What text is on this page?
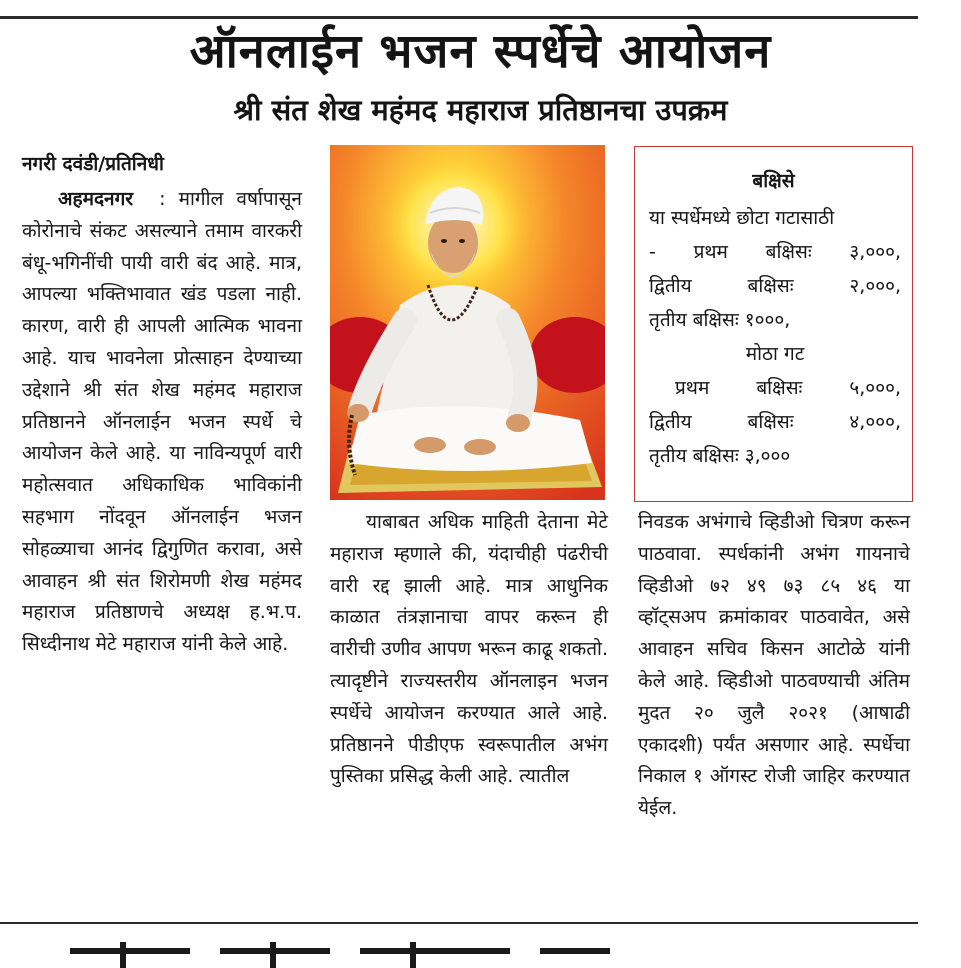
ऑनलाईन भजन स्पर्धेचे आयोजन
श्री संत शेख महंमद महाराज प्रतिष्ठानचा उपक्रम
नगरी दवंडी/प्रतिनिधी

अहमदनगर  : मागील वर्षापासून कोरोनाचे संकट असल्याने तमाम वारकरी बंधू-भगिनींची पायी वारी बंद आहे. मात्र, आपल्या भक्तिभावात खंड पडला नाही. कारण, वारी ही आपली आत्मिक भावना आहे. याच भावनेला प्रोत्साहन देण्याच्या उद्देशाने श्री संत शेख महंमद महाराज प्रतिष्ठानने ऑनलाईन भजन स्पर्धे चे आयोजन केले आहे. या नाविन्यपूर्ण वारी महोत्सवात अधिकाधिक भाविकांनी सहभाग नोंदवून ऑनलाईन भजन सोहळ्याचा आनंद द्विगुणित करावा, असे आवाहन श्री संत शिरोमणी शेख महंमद महाराज प्रतिष्ठाणचे अध्यक्ष ह.भ.प. सिध्दीनाथ मेटे महाराज यांनी केले आहे.

बक्षिसे
या स्पर्धेमध्ये छोटा गटासाठी
- प्रथम बक्षिसः ३,०००,
द्वितीय बक्षिसः २,०००,
तृतीय बक्षिसः १०००,
मोठा गट
प्रथम बक्षिसः ५,०००,
द्वितीय बक्षिसः ४,०००,
तृतीय बक्षिसः ३,०००

याबाबत अधिक माहिती देताना मेटे महाराज म्हणाले की, यंदाचीही पंढरीची वारी रद्द झाली आहे. मात्र आधुनिक काळात तंत्रज्ञानाचा वापर करून ही वारीची उणीव आपण भरून काढू शकतो. त्यादृष्टीने राज्यस्तरीय ऑनलाइन भजन स्पर्धेचे आयोजन करण्यात आले आहे. प्रतिष्ठानने पीडीएफ स्वरूपातील अभंग पुस्तिका प्रसिद्ध केली आहे. त्यातील

निवडक अभंगाचे व्हिडीओ चित्रण करून पाठवावा. स्पर्धकांनी अभंग गायनाचे व्हिडीओ ७२ ४९ ७३ ८५ ४६ या व्हॉट्सअप क्रमांकावर पाठवावेत, असे आवाहन सचिव किसन आटोळे यांनी केले आहे. व्हिडीओ पाठवण्याची अंतिम मुदत २० जुलै २०२१ (आषाढी एकादशी) पर्यंत असणार आहे. स्पर्धेचा निकाल १ ऑगस्ट रोजी जाहिर करण्यात येईल.
